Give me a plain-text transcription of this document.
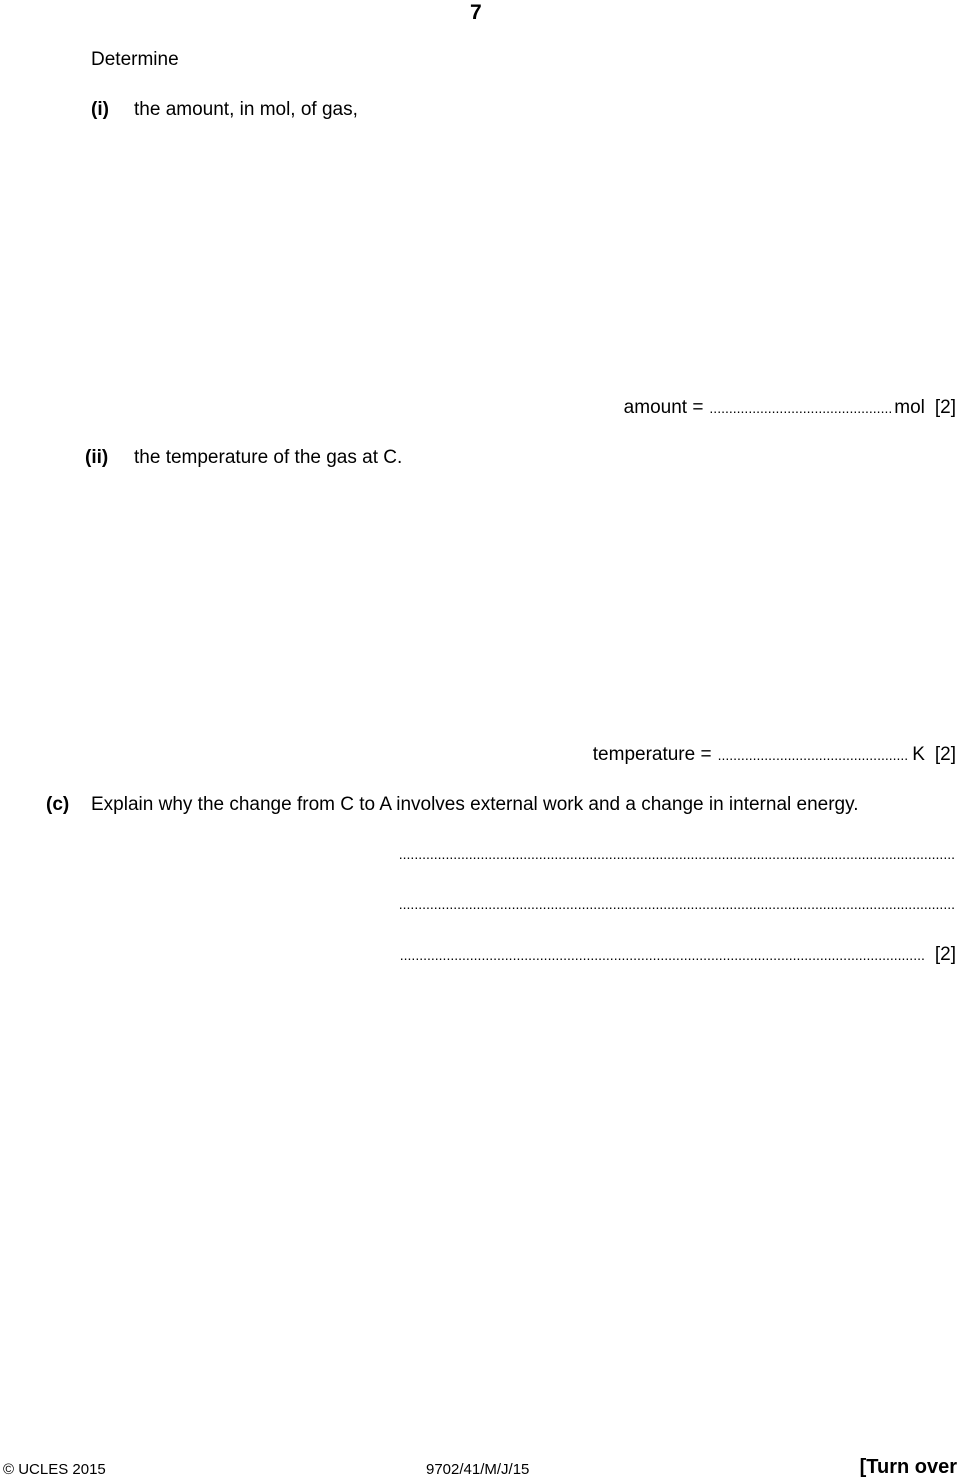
7
Determine
(i) the amount, in mol, of gas,
amount = ............................................... mol [2]
(ii) the temperature of the gas at C.
temperature = ................................................. K [2]
(c) Explain why the change from C to A involves external work and a change in internal energy.
...............................................................................................................................................
...............................................................................................................................................
....................................................................................................................................... [2]
© UCLES 2015	9702/41/M/J/15	[Turn over
